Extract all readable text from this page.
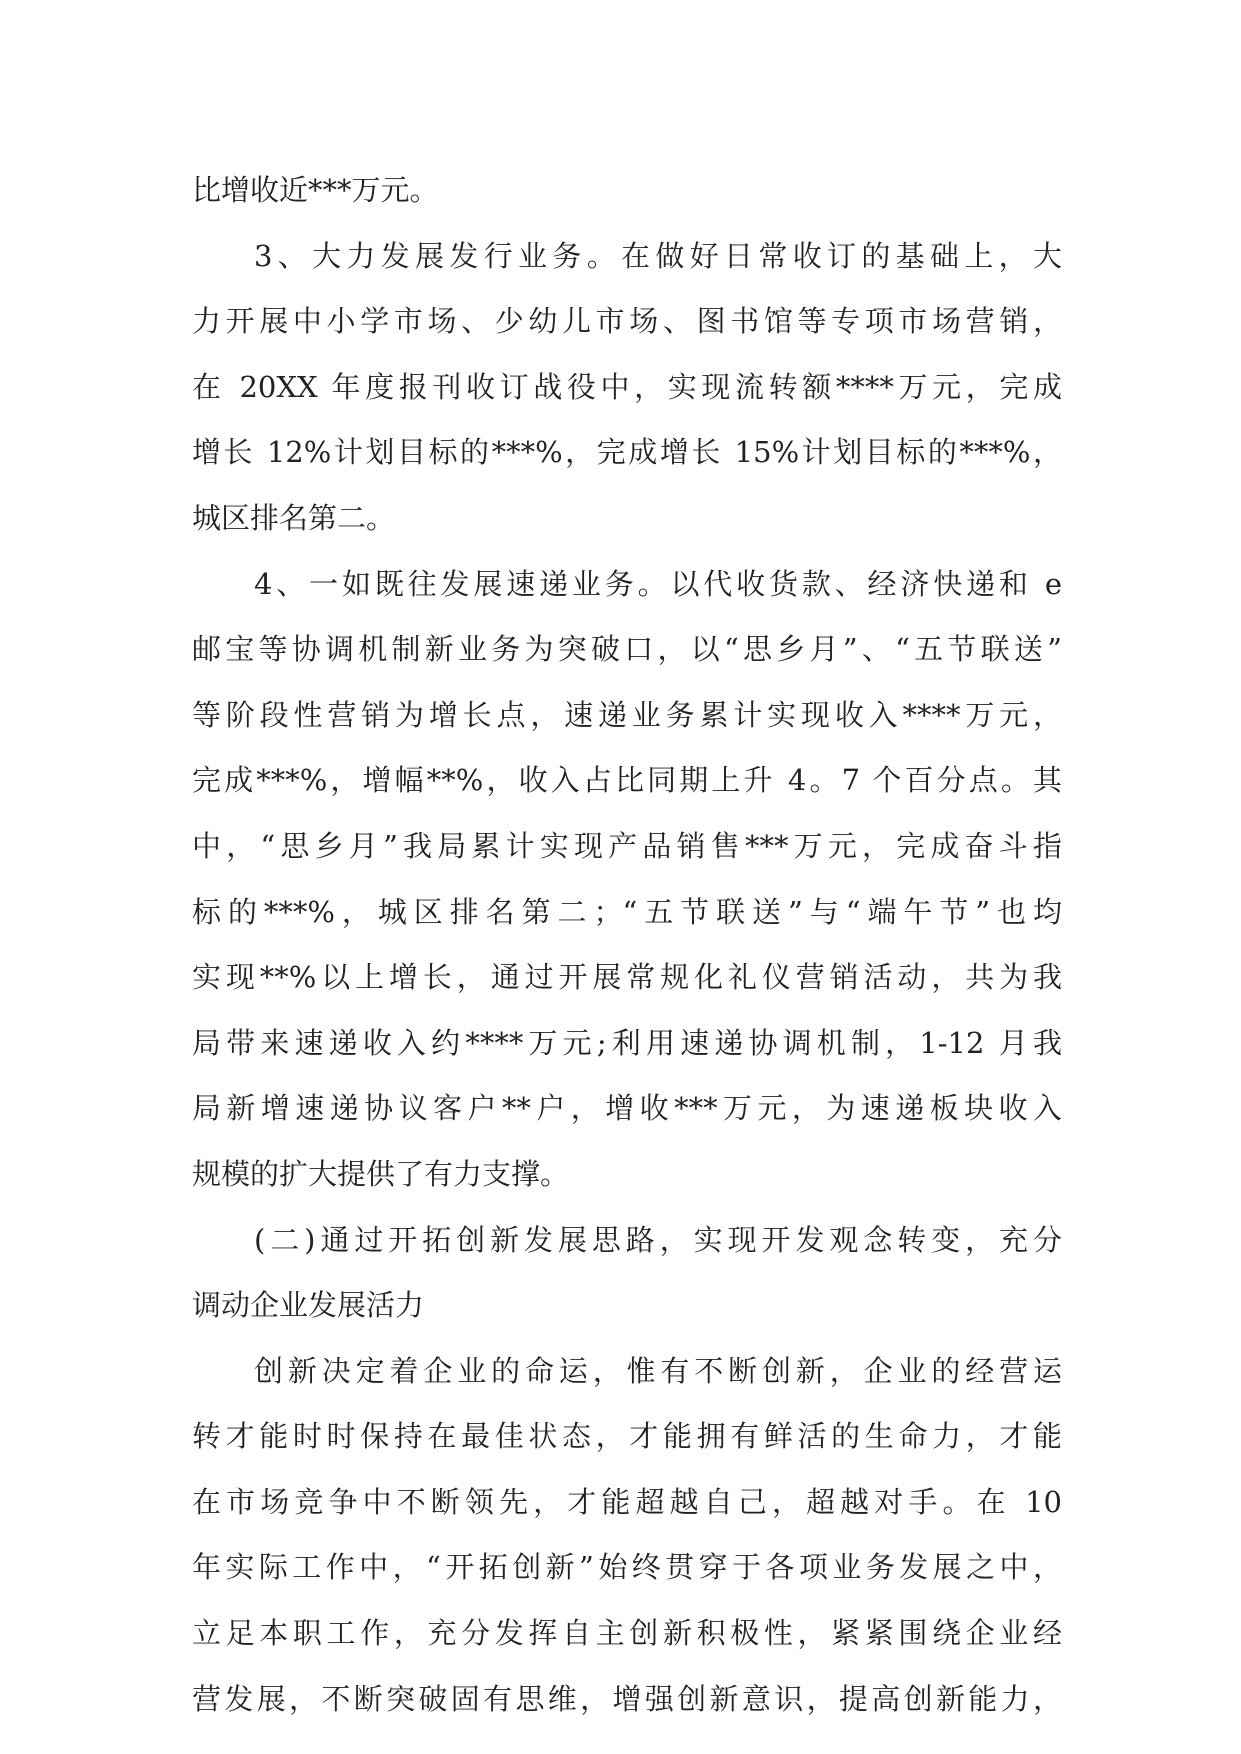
比增收近***万元。
3、大力发展发行业务。在做好日常收订的基础上，大
力开展中小学市场、少幼儿市场、图书馆等专项市场营销，
在 20XX 年度报刊收订战役中，实现流转额****万元，完成
增长 12%计划目标的***%，完成增长 15%计划目标的***%，
城区排名第二。
4、一如既往发展速递业务。以代收货款、经济快递和 e
邮宝等协调机制新业务为突破口，以“思乡月”、“五节联送”
等阶段性营销为增长点，速递业务累计实现收入****万元，
完成***%，增幅**%，收入占比同期上升 4。7 个百分点。其
中，“思乡月”我局累计实现产品销售***万元，完成奋斗指
标的***%，城区排名第二；“五节联送”与“端午节”也均
实现**%以上增长，通过开展常规化礼仪营销活动，共为我
局带来速递收入约****万元;利用速递协调机制，1-12 月我
局新增速递协议客户**户，增收***万元，为速递板块收入
规模的扩大提供了有力支撑。
(二)通过开拓创新发展思路，实现开发观念转变，充分
调动企业发展活力
创新决定着企业的命运，惟有不断创新，企业的经营运
转才能时时保持在最佳状态，才能拥有鲜活的生命力，才能
在市场竞争中不断领先，才能超越自己，超越对手。在 10
年实际工作中，“开拓创新”始终贯穿于各项业务发展之中，
立足本职工作，充分发挥自主创新积极性，紧紧围绕企业经
营发展，不断突破固有思维，增强创新意识，提高创新能力，
